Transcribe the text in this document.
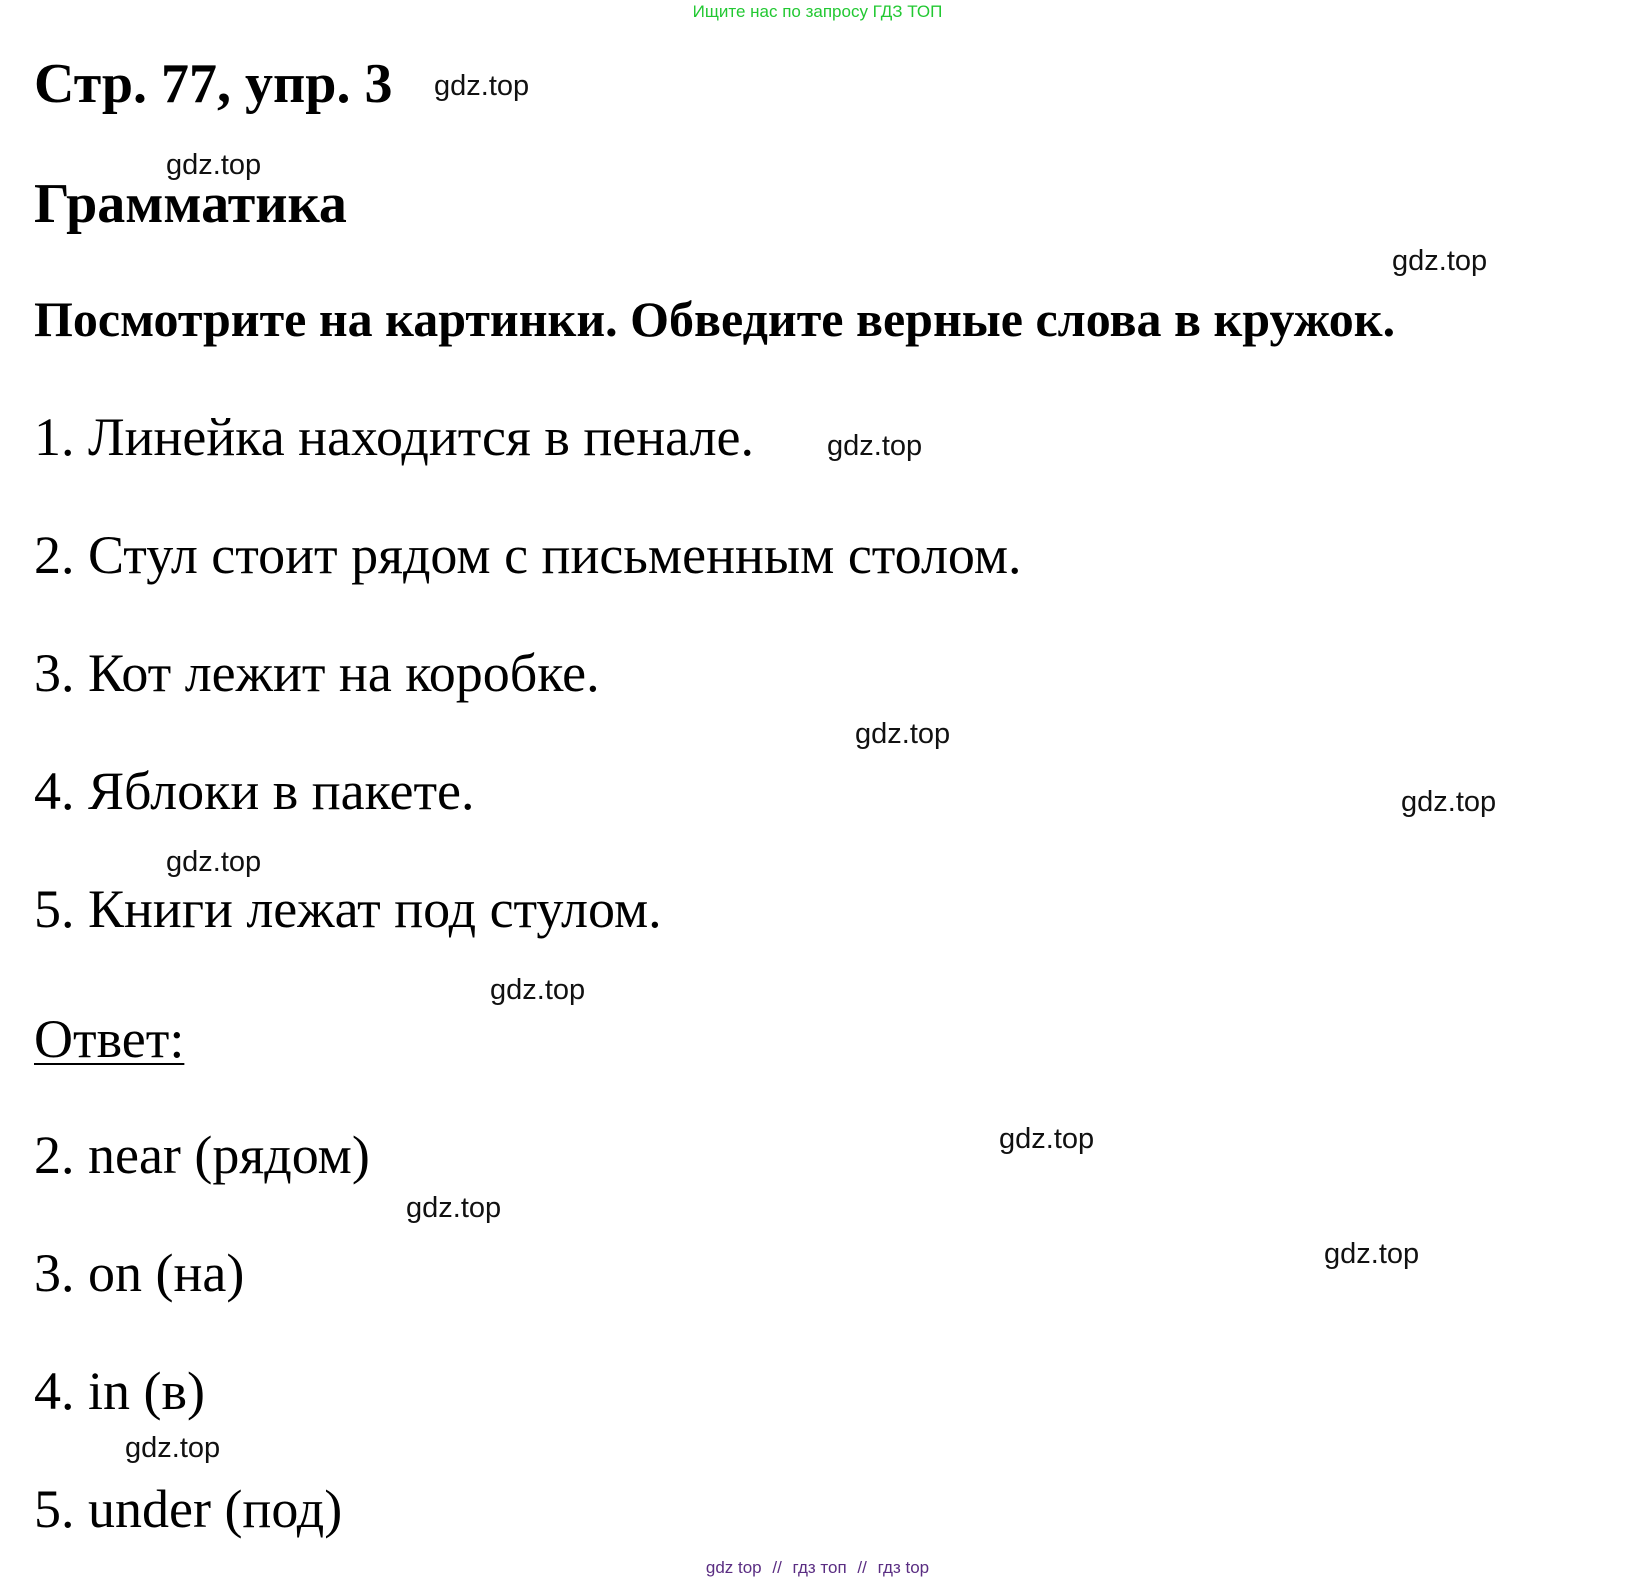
Ищите нас по запросу ГДЗ ТОП
Стр. 77, упр. 3
Грамматика
Посмотрите на картинки. Обведите верные слова в кружок.
1. Линейка находится в пенале.
2. Стул стоит рядом с письменным столом.
3. Кот лежит на коробке.
4. Яблоки в пакете.
5. Книги лежат под стулом.
Ответ:
2. near (рядом)
3. on (на)
4. in (в)
5. under (под)
gdz.top
gdz.top
gdz.top
gdz.top
gdz.top
gdz.top
gdz.top
gdz.top
gdz.top
gdz.top
gdz.top
gdz.top
gdz top // гдз топ // гдз top
